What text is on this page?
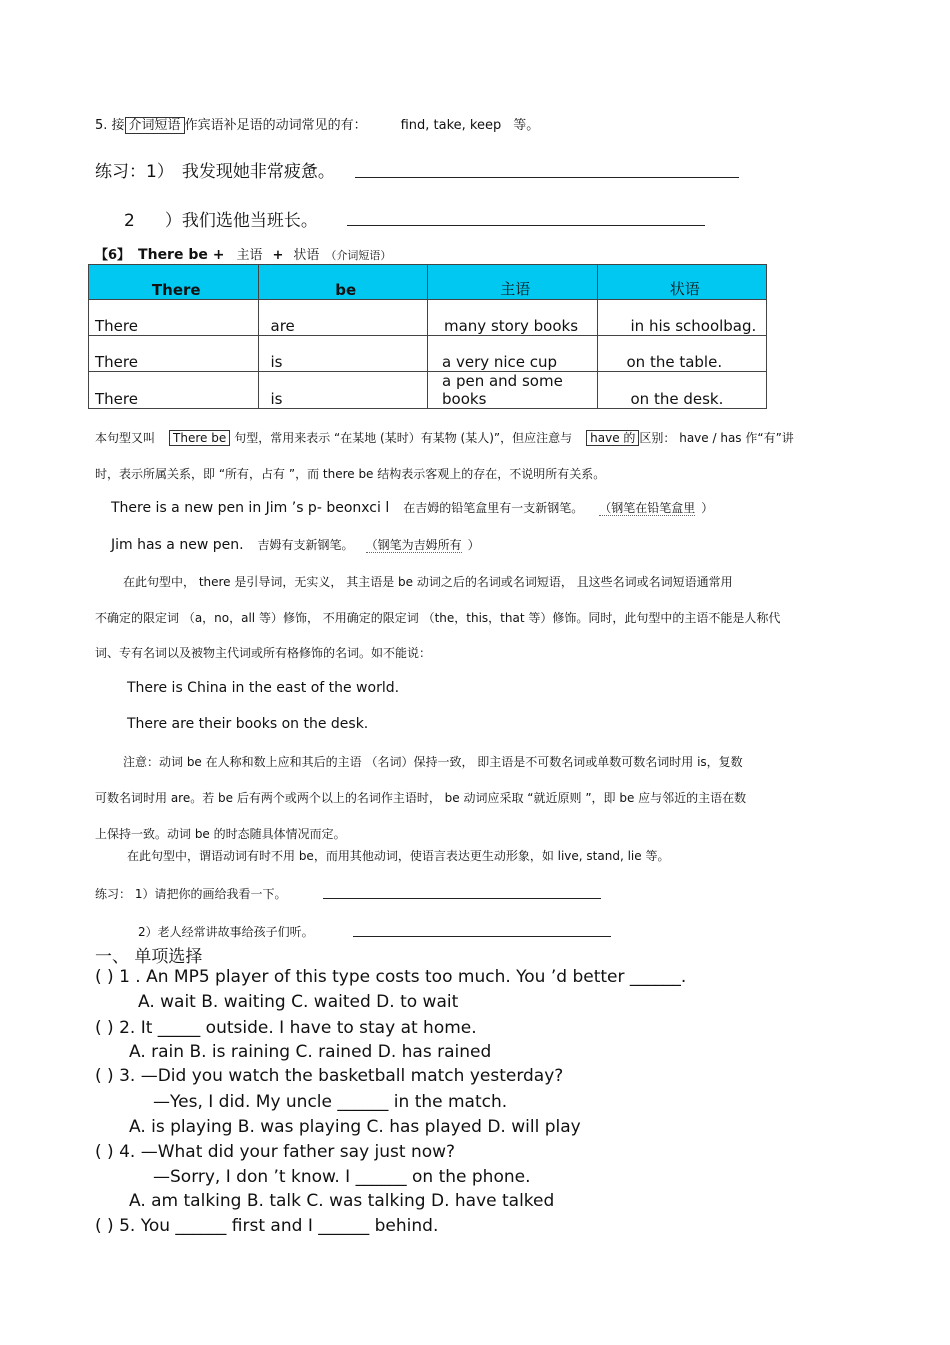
5. 接 介词短语 作宾语补足语的动词常见的有：	find, take, keep 等。
练习：1） 我发现她非常疲惫。
2 ）我们选他当班长。
【6】 There be + 主语 + 状语 （介词短语）
There	be	主语	状语
There	are	many story books	in his schoolbag.
There	is	a very nice cup	on the table.
There	is	a pen and some books	on the desk.
本句型又叫 There be 句型，常用来表示 “在某地 (某时）有某物 (某人)”，但应注意与 have 的 区别： have / has 作“有”讲
时，表示所属关系，即 “所有，占有 ”，而 there be 结构表示客观上的存在，不说明所有关系。
There is a new pen in Jim ’s p- beonxci l 在吉姆的铅笔盒里有一支新钢笔。 （钢笔在铅笔盒里 ）
Jim has a new pen. 吉姆有支新钢笔。 （钢笔为吉姆所有 ）
在此句型中， there 是引导词，无实义， 其主语是 be 动词之后的名词或名词短语， 且这些名词或名词短语通常用
不确定的限定词 （a，no，all 等）修饰， 不用确定的限定词 （the，this，that 等）修饰。同时，此句型中的主语不能是人称代
词、专有名词以及被物主代词或所有格修饰的名词。如不能说：
There is China in the east of the world.
There are their books on the desk.
注意：动词 be 在人称和数上应和其后的主语 （名词）保持一致， 即主语是不可数名词或单数可数名词时用 is，复数
可数名词时用 are。若 be 后有两个或两个以上的名词作主语时， be 动词应采取 “就近原则 ”，即 be 应与邻近的主语在数
上保持一致。动词 be 的时态随具体情况而定。
在此句型中，谓语动词有时不用 be，而用其他动词，使语言表达更生动形象，如 live, stand, lie 等。
练习： 1）请把你的画给我看一下。
2）老人经常讲故事给孩子们听。
一、 单项选择
( ) 1 . An MP5 player of this type costs too much. You ’d better ______.
A. wait B. waiting C. waited D. to wait
( ) 2. It _____ outside. I have to stay at home.
A. rain B. is raining C. rained D. has rained
( ) 3. —Did you watch the basketball match yesterday?
—Yes, I did. My uncle ______ in the match.
A. is playing B. was playing C. has played D. will play
( ) 4. —What did your father say just now?
—Sorry, I don ’t know. I ______ on the phone.
A. am talking B. talk C. was talking D. have talked
( ) 5. You ______ first and I ______ behind.
